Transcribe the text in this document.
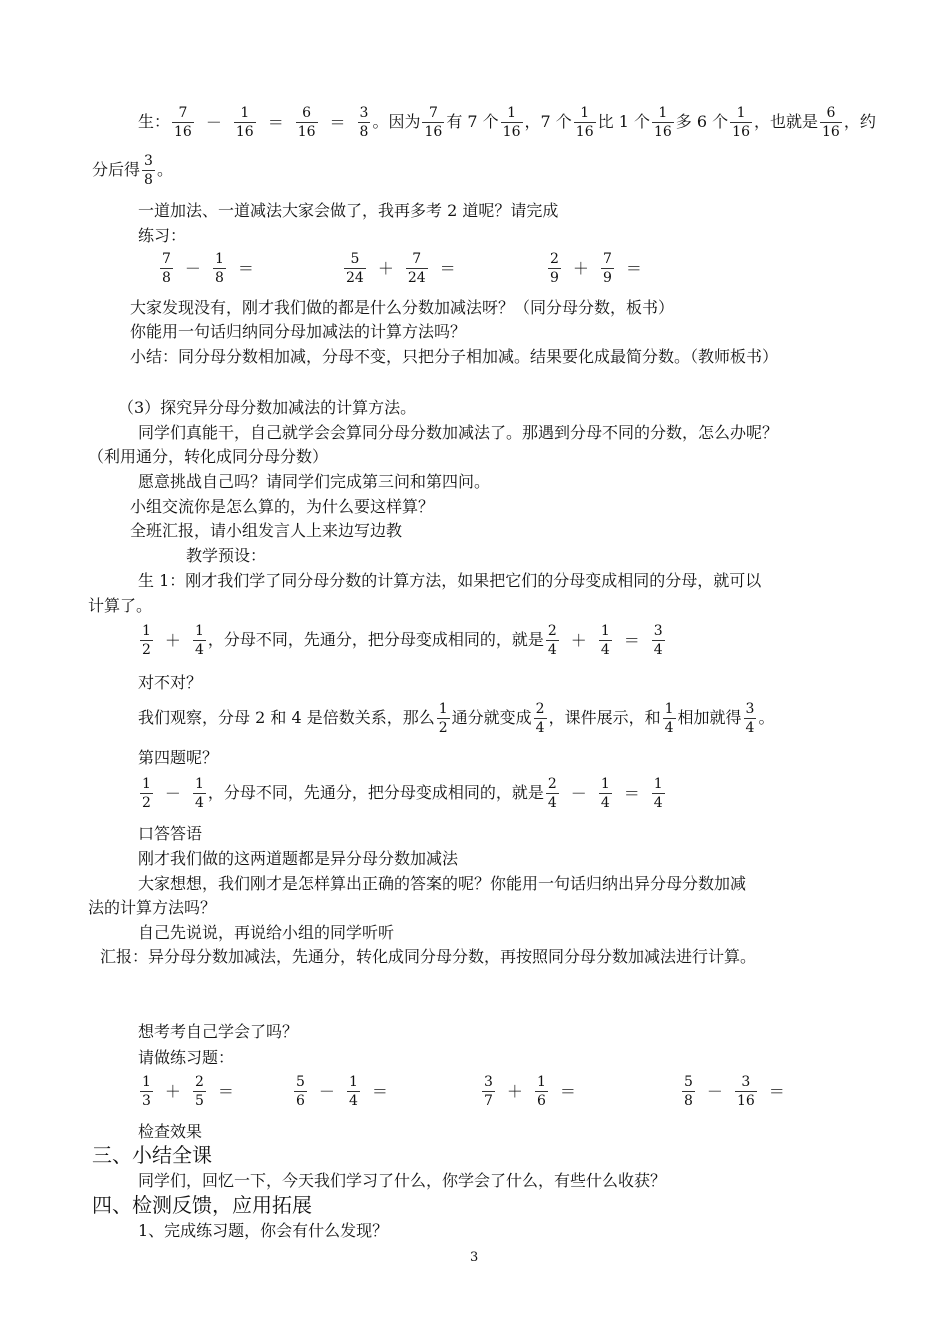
生： $\frac{7}{16} - \frac{1}{16} = \frac{6}{16} = \frac{3}{8}$ 。因为 $\frac{7}{16}$ 有 7 个 $\frac{1}{16}$ ，7 个 $\frac{1}{16}$ 比 1 个 $\frac{1}{16}$ 多 6 个 $\frac{1}{16}$ ，也就是 $\frac{6}{16}$ ，约
分后得 $\frac{3}{8}$ 。
一道加法、一道减法大家会做了，我再多考 2 道呢？请完成
练习：
$\frac{7}{8} - \frac{1}{8}$ ＝	$\frac{5}{24} + \frac{7}{24}$ ＝	$\frac{2}{9} + \frac{7}{9}$ ＝
大家发现没有，刚才我们做的都是什么分数加减法呀？（同分母分数，板书）
你能用一句话归纳同分母加减法的计算方法吗？
小结：同分母分数相加减，分母不变，只把分子相加减。结果要化成最简分数。（教师板书）
（3）探究异分母分数加减法的计算方法。
同学们真能干，自己就学会会算同分母分数加减法了。那遇到分母不同的分数，怎么办呢？
（利用通分，转化成同分母分数）
愿意挑战自己吗？请同学们完成第三问和第四问。
小组交流你是怎么算的，为什么要这样算？
全班汇报，请小组发言人上来边写边教
教学预设：
生 1：刚才我们学了同分母分数的计算方法，如果把它们的分母变成相同的分母，就可以
计算了。
$\frac{1}{2} + \frac{1}{4}$ ，分母不同，先通分，把分母变成相同的，就是 $\frac{2}{4} + \frac{1}{4} = \frac{3}{4}$
对不对？
我们观察，分母 2 和 4 是倍数关系，那么 $\frac{1}{2}$ 通分就变成 $\frac{2}{4}$ ，课件展示，和 $\frac{1}{4}$ 相加就得 $\frac{3}{4}$ 。
第四题呢？
$\frac{1}{2} - \frac{1}{4}$ ，分母不同，先通分，把分母变成相同的，就是 $\frac{2}{4} - \frac{1}{4} = \frac{1}{4}$
口答答语
刚才我们做的这两道题都是异分母分数加减法
大家想想，我们刚才是怎样算出正确的答案的呢？你能用一句话归纳出异分母分数加减
法的计算方法吗？
自己先说说，再说给小组的同学听听
汇报：异分母分数加减法，先通分，转化成同分母分数，再按照同分母分数加减法进行计算。
想考考自己学会了吗？
请做练习题：
$\frac{1}{3} + \frac{2}{5}$ ＝	$\frac{5}{6} - \frac{1}{4}$ ＝	$\frac{3}{7} + \frac{1}{6}$ ＝	$\frac{5}{8} - \frac{3}{16}$ ＝
检查效果
三、小结全课
同学们，回忆一下，今天我们学习了什么，你学会了什么，有些什么收获？
四、检测反馈，应用拓展
1、完成练习题，你会有什么发现？
3
